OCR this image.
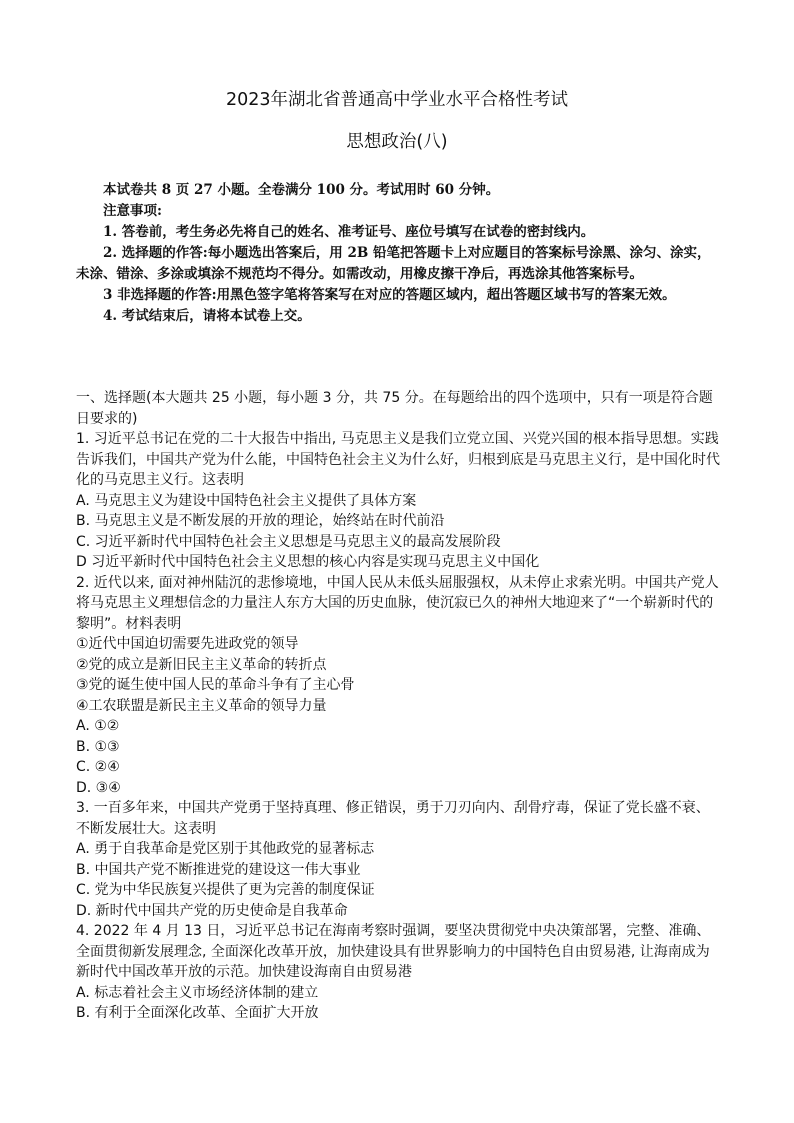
2023年湖北省普通高中学业水平合格性考试
思想政治(八)

本试卷共 8 页 27 小题。全卷满分 100 分。考试用时 60 分钟。

注意事项:

1. 答卷前，考生务必先将自己的姓名、准考证号、座位号填写在试卷的密封线内。

2. 选择题的作答:每小题选出答案后，用 2B 铅笔把答题卡上对应题目的答案标号涂黑、涂匀、涂实，未涂、错涂、多涂或填涂不规范均不得分。如需改动，用橡皮擦干净后，再选涂其他答案标号。

3 非选择题的作答:用黑色签字笔将答案写在对应的答题区域内，超出答题区域书写的答案无效。

4. 考试结束后，请将本试卷上交。

一、选择题(本大题共 25 小题，每小题 3 分，共 75 分。在每题给出的四个选项中，只有一项是符合题日要求的)

1. 习近平总书记在党的二十大报告中指出, 马克思主义是我们立党立国、兴党兴国的根本指导思想。实践告诉我们，中国共产党为什么能，中国特色社会主义为什么好，归根到底是马克思主义行，是中国化时代化的马克思主义行。这表明

A. 马克思主义为建设中国特色社会主义提供了具体方案

B. 马克思主义是不断发展的开放的理论，始终站在时代前沿

C. 习近平新时代中国特色社会主义思想是马克思主义的最高发展阶段

D 习近平新时代中国特色社会主义思想的核心内容是实现马克思主义中国化

2. 近代以来, 面对神州陆沉的悲惨境地，中国人民从未低头屈服强权，从未停止求索光明。中国共产党人将马克思主义理想信念的力量注人东方大国的历史血脉，使沉寂已久的神州大地迎来了“一个崭新时代的黎明”。材料表明

①近代中国迫切需要先进政党的领导

②党的成立是新旧民主主义革命的转折点

③党的诞生使中国人民的革命斗争有了主心骨

④工农联盟是新民主主义革命的领导力量

A. ①②

B. ①③

C. ②④

D. ③④

3. 一百多年来，中国共产党勇于坚持真理、修正错误，勇于刀刃向内、刮骨疗毒，保证了党长盛不衰、不断发展壮大。这表明

A. 勇于自我革命是党区别于其他政党的显著标志

B. 中国共产党不断推进党的建设这一伟大事业

C. 党为中华民族复兴提供了更为完善的制度保证

D. 新时代中国共产党的历史使命是自我革命

4. 2022 年 4 月 13 日，习近平总书记在海南考察时强调，要坚决贯彻党中央决策部署，完整、准确、全面贯彻新发展理念, 全面深化改革开放，加快建设具有世界影响力的中国特色自由贸易港, 让海南成为新时代中国改革开放的示范。加快建设海南自由贸易港

A. 标志着社会主义市场经济体制的建立

B. 有利于全面深化改革、全面扩大开放
